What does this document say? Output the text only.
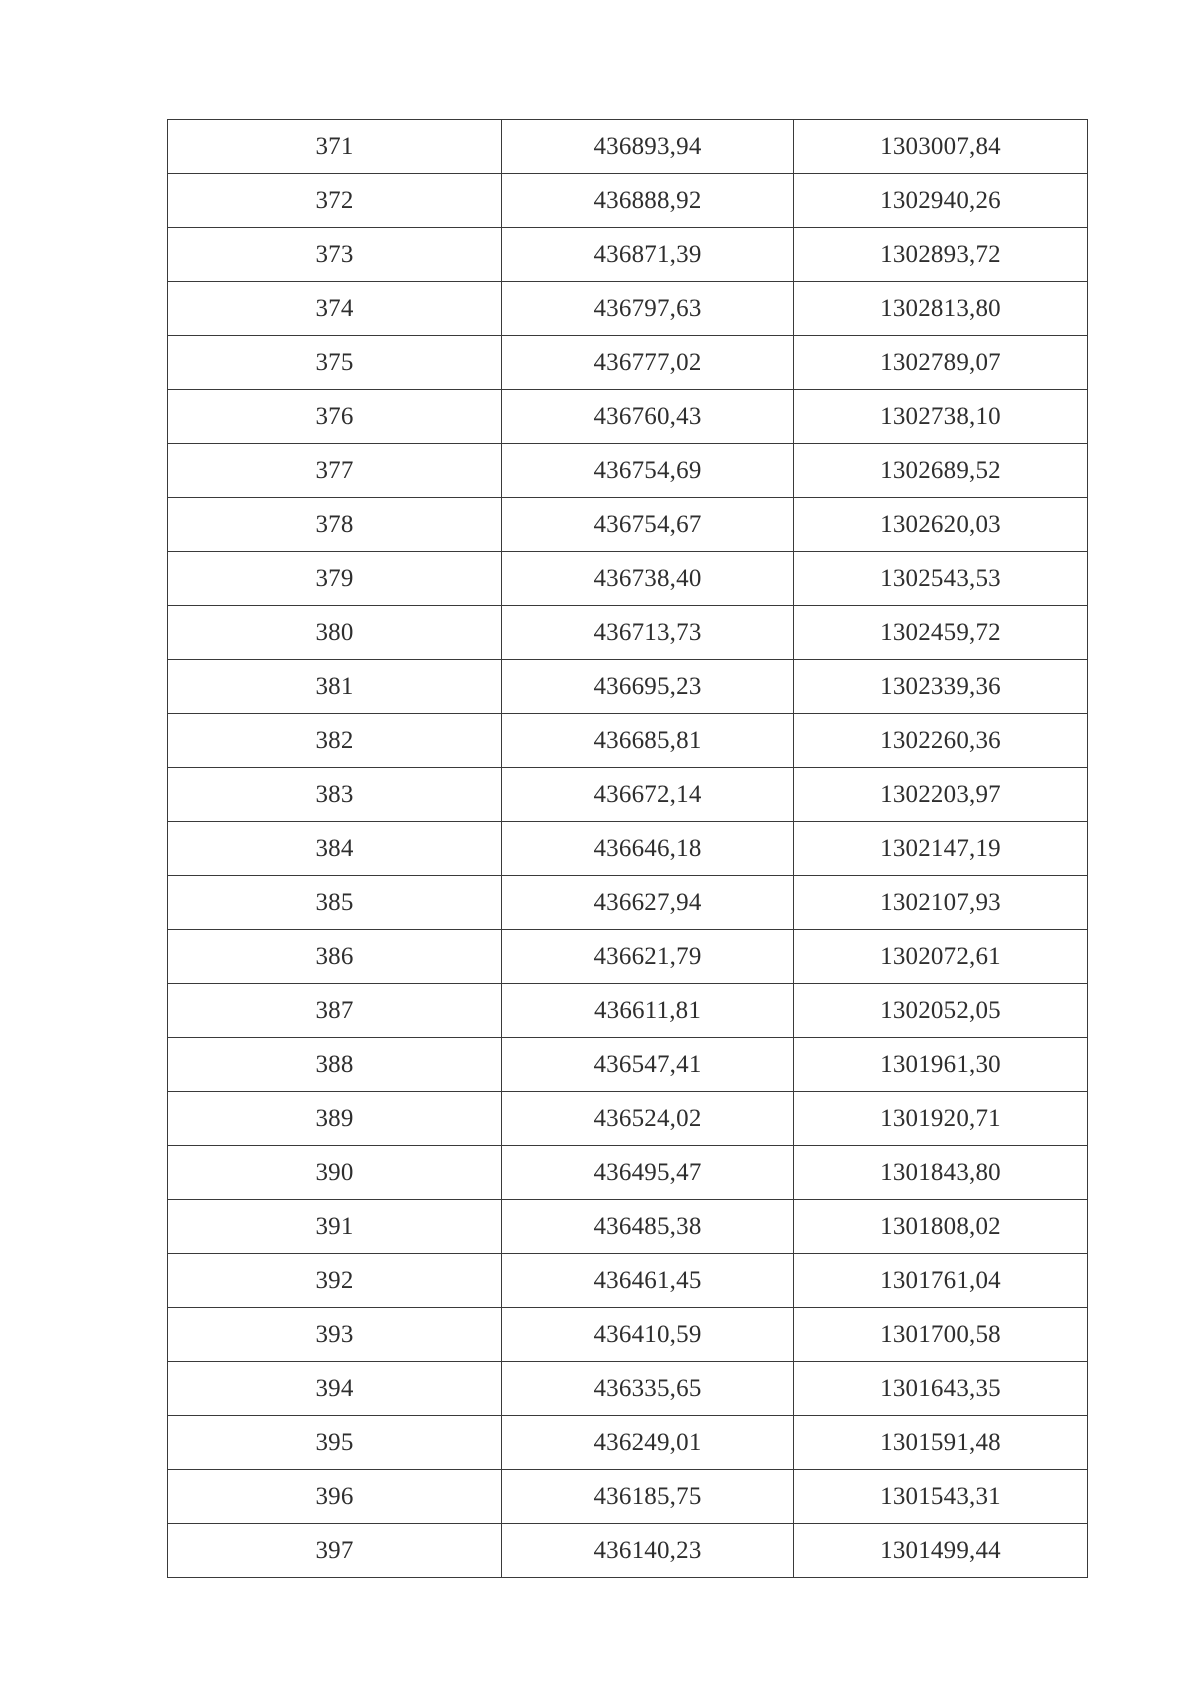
371	436893,94	1303007,84
372	436888,92	1302940,26
373	436871,39	1302893,72
374	436797,63	1302813,80
375	436777,02	1302789,07
376	436760,43	1302738,10
377	436754,69	1302689,52
378	436754,67	1302620,03
379	436738,40	1302543,53
380	436713,73	1302459,72
381	436695,23	1302339,36
382	436685,81	1302260,36
383	436672,14	1302203,97
384	436646,18	1302147,19
385	436627,94	1302107,93
386	436621,79	1302072,61
387	436611,81	1302052,05
388	436547,41	1301961,30
389	436524,02	1301920,71
390	436495,47	1301843,80
391	436485,38	1301808,02
392	436461,45	1301761,04
393	436410,59	1301700,58
394	436335,65	1301643,35
395	436249,01	1301591,48
396	436185,75	1301543,31
397	436140,23	1301499,44
